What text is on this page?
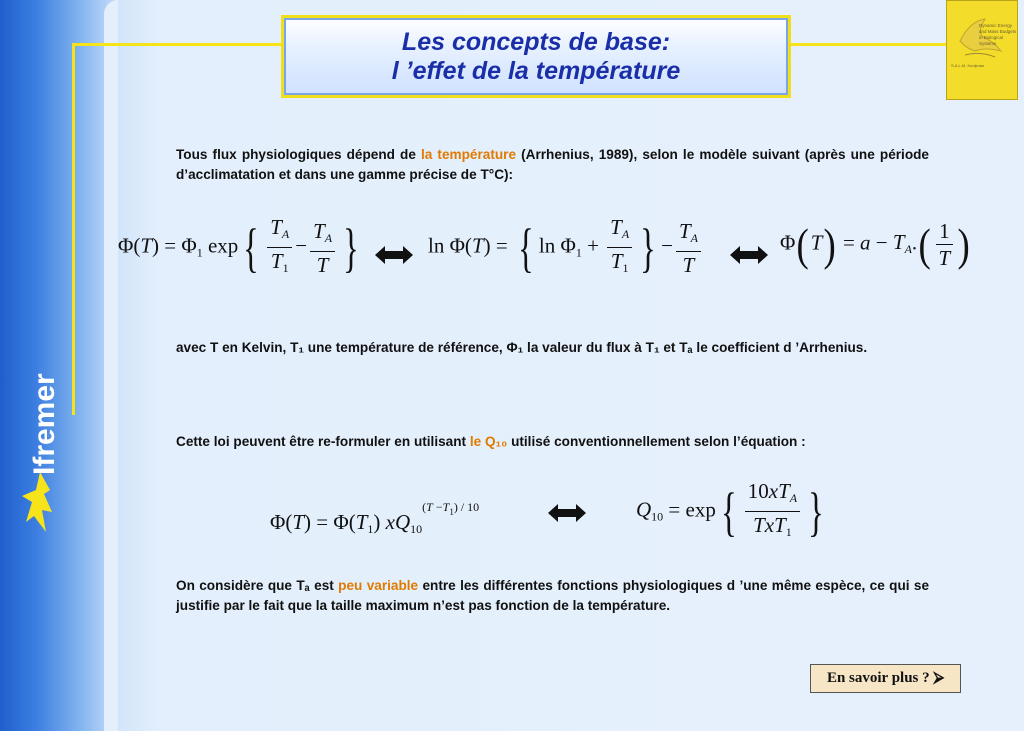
Les concepts de base:
l ’effet de la température
Dynamic Energy and Mass Budgets in Biological Systems
S.A.L.M. Kooijman
Ifremer
Tous flux physiologiques dépend de la température (Arrhenius, 1989), selon le modèle suivant (après une période d’acclimatation et dans une gamme précise de T°C):
$\Phi(T) = \Phi_1$ $\exp\{ \frac{T_A}{T_1} - \frac{T_A}{T}$ }	ln Φ(T) = { $\ln \Phi_1 + \frac{T_A}{T_1}$ } − $\frac{T_A}{T}$	$\Phi(T) = a - T_A.( \frac{1}{T}$ )
avec T en Kelvin, T₁ une température de référence, Φ₁ la valeur du flux à T₁ et Tₐ le coefficient d ’Arrhenius.
Cette loi peuvent être re-formuler en utilisant le Q₁₀ utilisé conventionnellement selon l’équation :
$\Phi(T) = \Phi(T_1)$ $xQ_{10}^{(T -T_1) / 10}$	$Q_{10} = \exp\{ \frac{10xT_A}{TxT_1}$ }
On considère que Tₐ est peu variable entre les différentes fonctions physiologiques d ’une même espèce, ce qui se justifie par le fait que la taille maximum n’est pas fonction de la température.
En savoir plus ? ⮚
